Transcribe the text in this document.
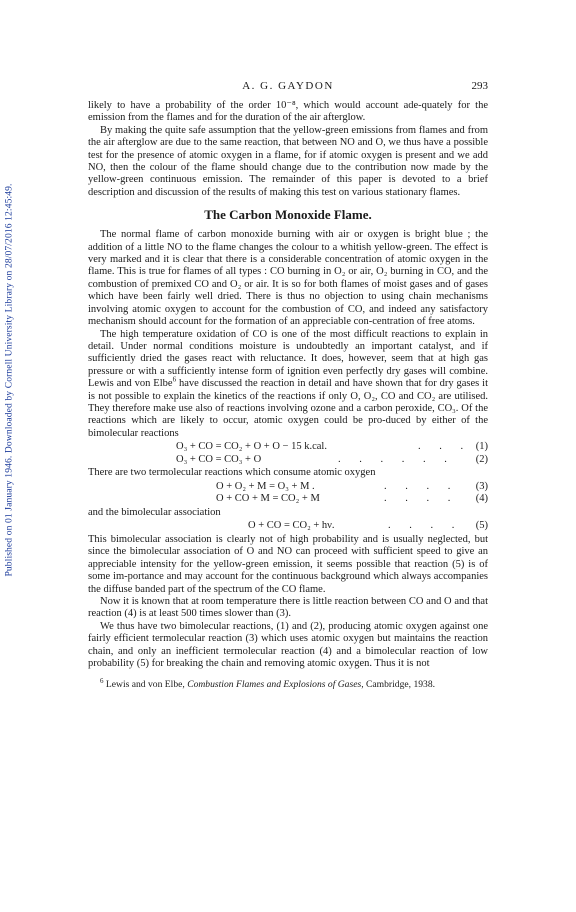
Published on 01 January 1946. Downloaded by Cornell University Library on 28/07/2016 12:45:49.
A. G. GAYDON	293

likely to have a probability of the order 10⁻⁸, which would account ade-quately for the emission from the flames and for the duration of the air afterglow.

By making the quite safe assumption that the yellow-green emissions from flames and from the air afterglow are due to the same reaction, that between NO and O, we thus have a possible test for the presence of atomic oxygen in a flame, for if atomic oxygen is present and we add NO, then the colour of the flame should change due to the contribution now made by the yellow-green continuous emission. The remainder of this paper is devoted to a brief description and discussion of the results of making this test on various stationary flames.

The Carbon Monoxide Flame.

The normal flame of carbon monoxide burning with air or oxygen is bright blue ; the addition of a little NO to the flame changes the colour to a whitish yellow-green. The effect is very marked and it is clear that there is a considerable concentration of atomic oxygen in the flame. This is true for flames of all types : CO burning in O₂ or air, O₂ burning in CO, and the combustion of premixed CO and O₂ or air. It is so for both flames of moist gases and of gases which have been fairly well dried. There is thus no objection to using chain mechanisms involving atomic oxygen to account for the combustion of CO, and indeed any satisfactory mechanism should account for the formation of an appreciable con-centration of free atoms.

The high temperature oxidation of CO is one of the most difficult reactions to explain in detail. Under normal conditions moisture is undoubtedly an important catalyst, and if sufficiently dried the gases react with reluctance. It does, however, seem that at high gas pressure or with a sufficiently intense form of ignition even perfectly dry gases will combine. Lewis and von Elbe$^6$ have discussed the reaction in detail and have shown that for dry gases it is not possible to explain the kinetics of the reactions if only O, O₂, CO and CO₂ are utilised. They therefore make use also of reactions involving ozone and a carbon peroxide, CO₃. Of the reactions which are likely to occur, atomic oxygen could be pro-duced by either of the bimolecular reactions

O₃ + CO = CO₂ + O + O − 15 k.cal.	. . . (1)
O₃ + CO = CO₃ + O	. . . . . . (2)

There are two termolecular reactions which consume atomic oxygen

O + O₂ + M = O₃ + M .	. . . . (3)
O + CO + M = CO₂ + M	. . . . (4)

and the bimolecular association

O + CO = CO₂ + hν.	. . . . (5)

This bimolecular association is clearly not of high probability and is usually neglected, but since the bimolecular association of O and NO can proceed with sufficient speed to give an appreciable intensity for the yellow-green emission, it seems possible that reaction (5) is of some im-portance and may account for the continuous background which always accompanies the diffuse banded part of the spectrum of the CO flame.

Now it is known that at room temperature there is little reaction between CO and O and that reaction (4) is at least 500 times slower than (3).

We thus have two bimolecular reactions, (1) and (2), producing atomic oxygen against one fairly efficient termolecular reaction (3) which uses atomic oxygen but maintains the reaction chain, and only an inefficient termolecular reaction (4) and a bimolecular reaction of low probability (5) for breaking the chain and removing atomic oxygen. Thus it is not

$^6$ Lewis and von Elbe, Combustion Flames and Explosions of Gases, Cambridge, 1938.
